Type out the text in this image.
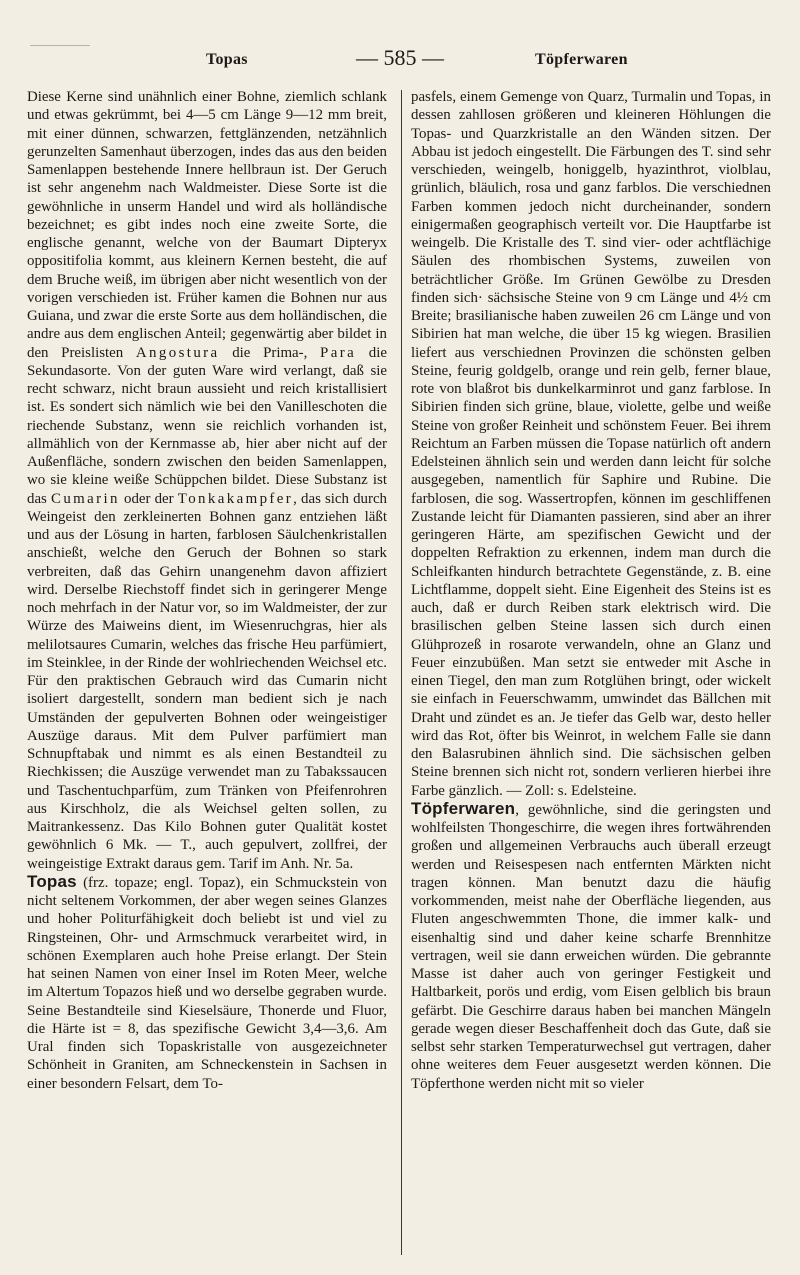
Topas	— 585 —	Töpferwaren

Diese Kerne sind unähnlich einer Bohne, ziemlich schlank und etwas gekrümmt, bei 4—5 cm Länge 9—12 mm breit, mit einer dünnen, schwarzen, fettglänzenden, netzähnlich gerunzelten Samenhaut überzogen, indes das aus den beiden Samenlappen bestehende Innere hellbraun ist. Der Geruch ist sehr angenehm nach Waldmeister. Diese Sorte ist die gewöhnliche in unserm Handel und wird als holländische bezeichnet; es gibt indes noch eine zweite Sorte, die englische genannt, welche von der Baumart Dipteryx oppositifolia kommt, aus kleinern Kernen besteht, die auf dem Bruche weiß, im übrigen aber nicht wesentlich von der vorigen verschieden ist. Früher kamen die Bohnen nur aus Guiana, und zwar die erste Sorte aus dem holländischen, die andre aus dem englischen Anteil; gegenwärtig aber bildet in den Preislisten Angostura die Prima-, Para die Sekundasorte. Von der guten Ware wird verlangt, daß sie recht schwarz, nicht braun aussieht und reich kristallisiert ist. Es sondert sich nämlich wie bei den Vanilleschoten die riechende Substanz, wenn sie reichlich vorhanden ist, allmählich von der Kernmasse ab, hier aber nicht auf der Außenfläche, sondern zwischen den beiden Samenlappen, wo sie kleine weiße Schüppchen bildet. Diese Substanz ist das Cumarin oder der Tonkakampfer, das sich durch Weingeist den zerkleinerten Bohnen ganz entziehen läßt und aus der Lösung in harten, farblosen Säulchenkristallen anschießt, welche den Geruch der Bohnen so stark verbreiten, daß das Gehirn unangenehm davon affiziert wird. Derselbe Riechstoff findet sich in geringerer Menge noch mehrfach in der Natur vor, so im Waldmeister, der zur Würze des Maiweins dient, im Wiesenruchgras, hier als melilotsaures Cumarin, welches das frische Heu parfümiert, im Steinklee, in der Rinde der wohlriechenden Weichsel etc. Für den praktischen Gebrauch wird das Cumarin nicht isoliert dargestellt, sondern man bedient sich je nach Umständen der gepulverten Bohnen oder weingeistiger Auszüge daraus. Mit dem Pulver parfümiert man Schnupftabak und nimmt es als einen Bestandteil zu Riechkissen; die Auszüge verwendet man zu Tabakssaucen und Taschentuchparfüm, zum Tränken von Pfeifenrohren aus Kirschholz, die als Weichsel gelten sollen, zu Maitrankessenz. Das Kilo Bohnen guter Qualität kostet gewöhnlich 6 Mk. — T., auch gepulvert, zollfrei, der weingeistige Extrakt daraus gem. Tarif im Anh. Nr. 5a.

Topas (frz. topaze; engl. Topaz), ein Schmuckstein von nicht seltenem Vorkommen, der aber wegen seines Glanzes und hoher Politurfähigkeit doch beliebt ist und viel zu Ringsteinen, Ohr- und Armschmuck verarbeitet wird, in schönen Exemplaren auch hohe Preise erlangt. Der Stein hat seinen Namen von einer Insel im Roten Meer, welche im Altertum Topazos hieß und wo derselbe gegraben wurde. Seine Bestandteile sind Kieselsäure, Thonerde und Fluor, die Härte ist = 8, das spezifische Gewicht 3,4—3,6. Am Ural finden sich Topaskristalle von ausgezeichneter Schönheit in Graniten, am Schneckenstein in Sachsen in einer besondern Felsart, dem To-

pasfels, einem Gemenge von Quarz, Turmalin und Topas, in dessen zahllosen größeren und kleineren Höhlungen die Topas- und Quarzkristalle an den Wänden sitzen. Der Abbau ist jedoch eingestellt. Die Färbungen des T. sind sehr verschieden, weingelb, honiggelb, hyazinthrot, violblau, grünlich, bläulich, rosa und ganz farblos. Die verschiednen Farben kommen jedoch nicht durcheinander, sondern einigermaßen geographisch verteilt vor. Die Hauptfarbe ist weingelb. Die Kristalle des T. sind vier- oder achtflächige Säulen des rhombischen Systems, zuweilen von beträchtlicher Größe. Im Grünen Gewölbe zu Dresden finden sich· sächsische Steine von 9 cm Länge und 4½ cm Breite; brasilianische haben zuweilen 26 cm Länge und von Sibirien hat man welche, die über 15 kg wiegen. Brasilien liefert aus verschiednen Provinzen die schönsten gelben Steine, feurig goldgelb, orange und rein gelb, ferner blaue, rote von blaßrot bis dunkelkarminrot und ganz farblose. In Sibirien finden sich grüne, blaue, violette, gelbe und weiße Steine von großer Reinheit und schönstem Feuer. Bei ihrem Reichtum an Farben müssen die Topase natürlich oft andern Edelsteinen ähnlich sein und werden dann leicht für solche ausgegeben, namentlich für Saphire und Rubine. Die farblosen, die sog. Wassertropfen, können im geschliffenen Zustande leicht für Diamanten passieren, sind aber an ihrer geringeren Härte, am spezifischen Gewicht und der doppelten Refraktion zu erkennen, indem man durch die Schleifkanten hindurch betrachtete Gegenstände, z. B. eine Lichtflamme, doppelt sieht. Eine Eigenheit des Steins ist es auch, daß er durch Reiben stark elektrisch wird. Die brasilischen gelben Steine lassen sich durch einen Glühprozeß in rosarote verwandeln, ohne an Glanz und Feuer einzubüßen. Man setzt sie entweder mit Asche in einen Tiegel, den man zum Rotglühen bringt, oder wickelt sie einfach in Feuerschwamm, umwindet das Bällchen mit Draht und zündet es an. Je tiefer das Gelb war, desto heller wird das Rot, öfter bis Weinrot, in welchem Falle sie dann den Balasrubinen ähnlich sind. Die sächsischen gelben Steine brennen sich nicht rot, sondern verlieren hierbei ihre Farbe gänzlich. — Zoll: s. Edelsteine.

Töpferwaren, gewöhnliche, sind die geringsten und wohlfeilsten Thongeschirre, die wegen ihres fortwährenden großen und allgemeinen Verbrauchs auch überall erzeugt werden und Reisespesen nach entfernten Märkten nicht tragen können. Man benutzt dazu die häufig vorkommenden, meist nahe der Oberfläche liegenden, aus Fluten angeschwemmten Thone, die immer kalk- und eisenhaltig sind und daher keine scharfe Brennhitze vertragen, weil sie dann erweichen würden. Die gebrannte Masse ist daher auch von geringer Festigkeit und Haltbarkeit, porös und erdig, vom Eisen gelblich bis braun gefärbt. Die Geschirre daraus haben bei manchen Mängeln gerade wegen dieser Beschaffenheit doch das Gute, daß sie selbst sehr starken Temperaturwechsel gut vertragen, daher ohne weiteres dem Feuer ausgesetzt werden können. Die Töpferthone werden nicht mit so vieler
